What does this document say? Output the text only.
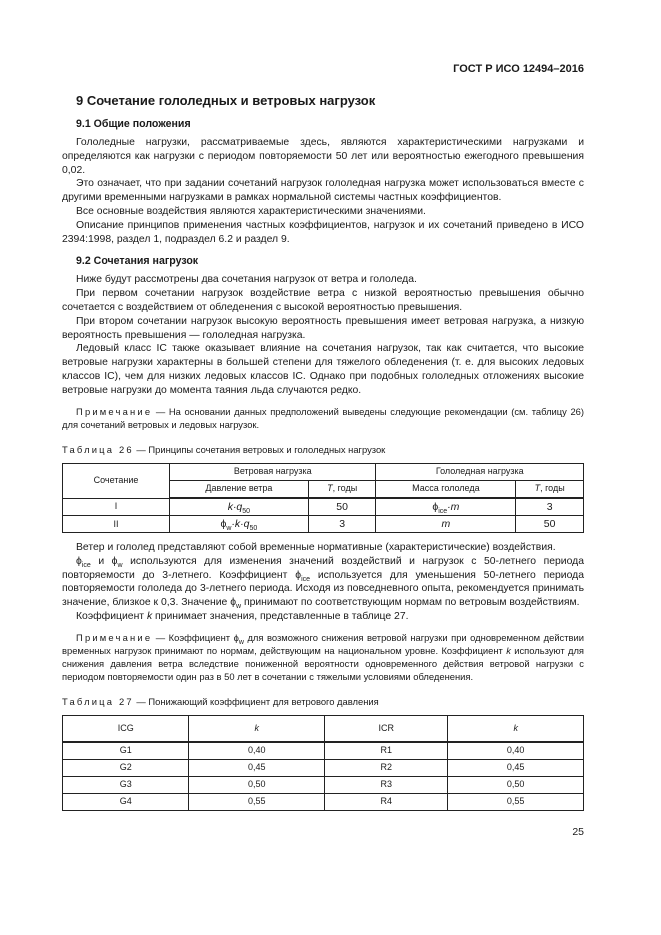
ГОСТ Р ИСО 12494–2016
9 Сочетание гололедных и ветровых нагрузок
9.1 Общие положения

Гололедные нагрузки, рассматриваемые здесь, являются характеристическими нагрузками и определяются как нагрузки с периодом повторяемости 50 лет или вероятностью ежегодного превышения 0,02.

Это означает, что при задании сочетаний нагрузок гололедная нагрузка может использоваться вместе с другими временными нагрузками в рамках нормальной системы частных коэффициентов.

Все основные воздействия являются характеристическими значениями.

Описание принципов применения частных коэффициентов, нагрузок и их сочетаний приведено в ИСО 2394:1998, раздел 1, подраздел 6.2 и раздел 9.

9.2 Сочетания нагрузок

Ниже будут рассмотрены два сочетания нагрузок от ветра и гололеда.

При первом сочетании нагрузок воздействие ветра с низкой вероятностью превышения обычно сочетается с воздействием от обледенения с высокой вероятностью превышения.

При втором сочетании нагрузок высокую вероятность превышения имеет ветровая нагрузка, а низкую вероятность превышения — гололедная нагрузка.

Ледовый класс IC также оказывает влияние на сочетания нагрузок, так как считается, что высокие ветровые нагрузки характерны в большей степени для тяжелого обледенения (т. е. для высоких ледовых классов IC), чем для низких ледовых классов IC. Однако при подобных гололедных отложениях высокие ветровые нагрузки до момента таяния льда случаются редко.

Примечание — На основании данных предположений выведены следующие рекомендации (см. таблицу 26) для сочетаний ветровых и ледовых нагрузок.

Таблица 26 — Принципы сочетания ветровых и гололедных нагрузок
Сочетание	Ветровая нагрузка		Гололедная нагрузка	
	Давление ветра	T, годы	Масса гололеда	T, годы
I	$k\cdot q_{50}$	50	$\phi_{ice}\cdot m$	3
II	$\phi_w\cdot k\cdot q_{50}$	3	m	50

Ветер и гололед представляют собой временные нормативные (характеристические) воздействия.

$\phi_{ice}$ и $\phi_w$ используются для изменения значений воздействий и нагрузок с 50-летнего периода повторяемости до 3-летнего. Коэффициент $\phi_{ice}$ используется для уменьшения 50-летнего периода повторяемости гололеда до 3-летнего периода. Исходя из повседневного опыта, рекомендуется принимать значение, близкое к 0,3. Значение $\phi_w$ принимают по соответствующим нормам по ветровым воздействиям.

Коэффициент k принимает значения, представленные в таблице 27.

Примечание — Коэффициент $\phi_w$ для возможного снижения ветровой нагрузки при одновременном действии временных нагрузок принимают по нормам, действующим на национальном уровне. Коэффициент k используют для снижения давления ветра вследствие пониженной вероятности одновременного действия ветровой нагрузки с периодом повторяемости один раз в 50 лет в сочетании с тяжелыми условиями обледенения.

Таблица 27 — Понижающий коэффициент для ветрового давления
ICG	k	ICR	k
G1	0,40	R1	0,40
G2	0,45	R2	0,45
G3	0,50	R3	0,50
G4	0,55	R4	0,55
25
